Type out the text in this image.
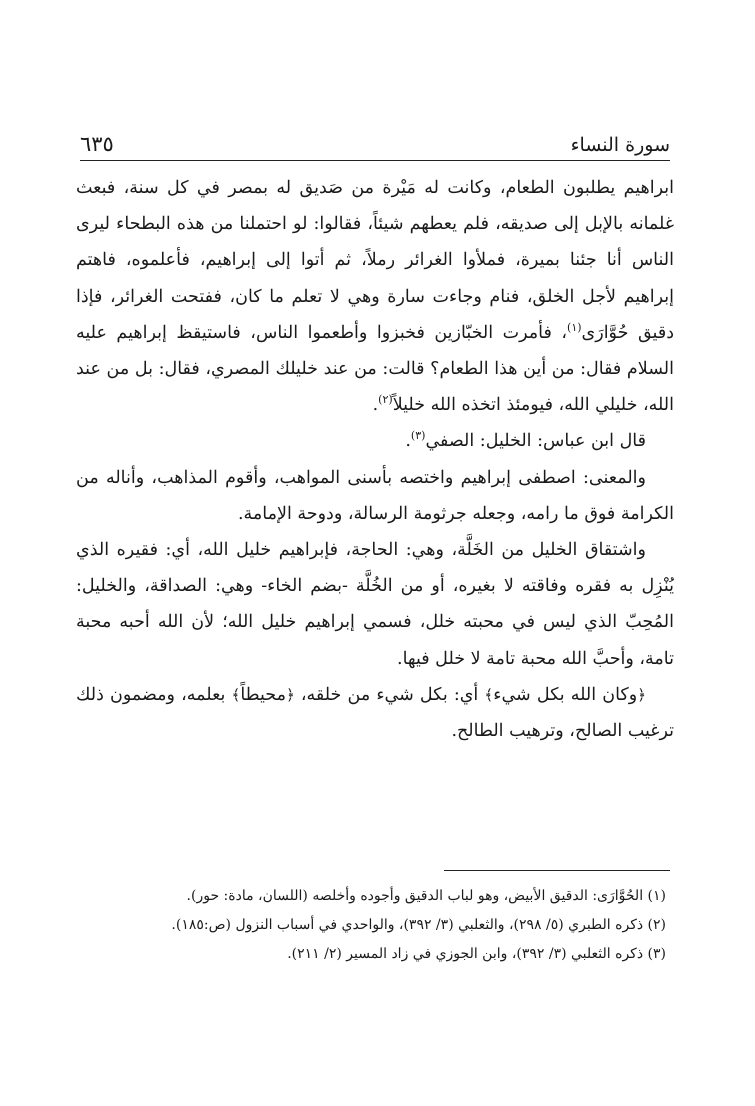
سورة النساء
٦٣٥

ابراهيم يطلبون الطعام، وكانت له مَيْرة من صَديق له بمصر في كل سنة، فبعث غلمانه بالإبل إلى صديقه، فلم يعطهم شيئاً، فقالوا: لو احتملنا من هذه البطحاء ليرى الناس أنا جئنا بميرة، فملأوا الغرائر رملاً، ثم أتوا إلى إبراهيم، فأعلموه، فاهتم إبراهيم لأجل الخلق، فنام وجاءت سارة وهي لا تعلم ما كان، ففتحت الغرائر، فإذا دقيق حُوَّارَى$^{(١)}$، فأمرت الخبّازين فخبزوا وأطعموا الناس، فاستيقظ إبراهيم عليه السلام فقال: من أين هذا الطعام؟ قالت: من عند خليلك المصري، فقال: بل من عند الله، خليلي الله، فيومئذ اتخذه الله خليلاً$^{(٢)}$.

قال ابن عباس: الخليل: الصفي$^{(٣)}$.

والمعنى: اصطفى إبراهيم واختصه بأسنى المواهب، وأقوم المذاهب، وأناله من الكرامة فوق ما رامه، وجعله جرثومة الرسالة، ودوحة الإمامة.

واشتقاق الخليل من الخَلَّة، وهي: الحاجة، فإبراهيم خليل الله، أي: فقيره الذي يُنْزِل به فقره وفاقته لا بغيره، أو من الخُلَّة -بضم الخاء- وهي: الصداقة، والخليل: المُحِبّ الذي ليس في محبته خلل، فسمي إبراهيم خليل الله؛ لأن الله أحبه محبة تامة، وأحبَّ الله محبة تامة لا خلل فيها.

﴿وكان الله بكل شيء﴾ أي: بكل شيء من خلقه، ﴿محيطاً﴾ بعلمه، ومضمون ذلك ترغيب الصالح، وترهيب الطالح.

(١) الحُوَّارَى: الدقيق الأبيض، وهو لباب الدقيق وأجوده وأخلصه (اللسان، مادة: حور).

(٢) ذكره الطبري (٥/ ٢٩٨)، والثعلبي (٣/ ٣٩٢)، والواحدي في أسباب النزول (ص:١٨٥).

(٣) ذكره الثعلبي (٣/ ٣٩٢)، وابن الجوزي في زاد المسير (٢/ ٢١١).
